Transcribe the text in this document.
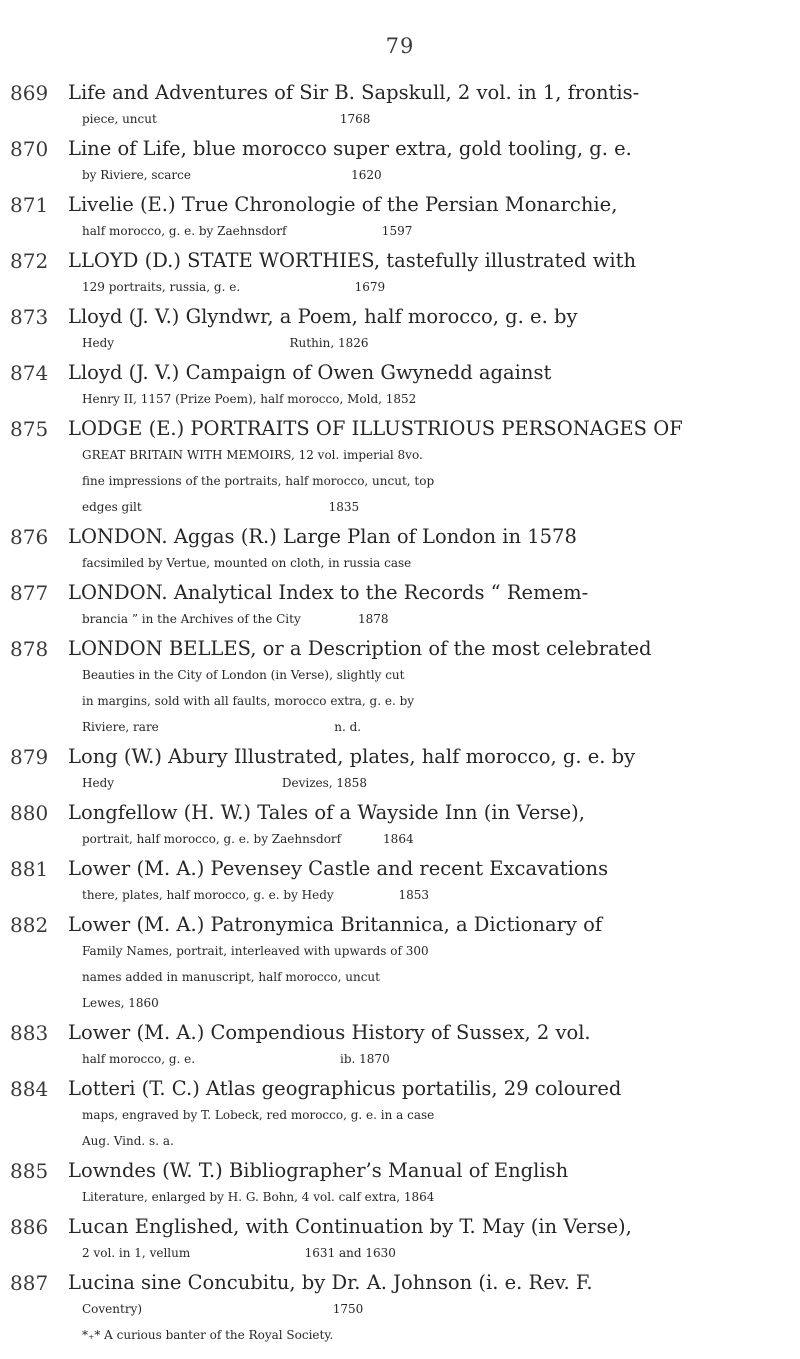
79
869	Life and Adventures of Sir B. Sapskull, 2 vol. in 1, frontis-
piece, uncut                                                1768
870	Line of Life, blue morocco super extra, gold tooling, g. e.
by Riviere, scarce                                          1620
871	Livelie (E.) True Chronologie of the Persian Monarchie,
half morocco, g. e. by Zaehnsdorf                         1597
872	LLOYD (D.) STATE WORTHIES, tastefully illustrated with
129 portraits, russia, g. e.                              1679
873	Lloyd (J. V.) Glyndwr, a Poem, half morocco, g. e. by
Hedy                                              Ruthin, 1826
874	Lloyd (J. V.) Campaign of Owen Gwynedd against
Henry II, 1157 (Prize Poem), half morocco, Mold, 1852
875	LODGE (E.) PORTRAITS OF ILLUSTRIOUS PERSONAGES OF
GREAT BRITAIN WITH MEMOIRS, 12 vol. imperial 8vo.
fine impressions of the portraits, half morocco, uncut, top
edges gilt                                                 1835
876	LONDON. Aggas (R.) Large Plan of London in 1578
facsimiled by Vertue, mounted on cloth, in russia case
877	LONDON. Analytical Index to the Records “ Remem-
brancia ” in the Archives of the City               1878
878	LONDON BELLES, or a Description of the most celebrated
Beauties in the City of London (in Verse), slightly cut
in margins, sold with all faults, morocco extra, g. e. by
Riviere, rare                                              n. d.
879	Long (W.) Abury Illustrated, plates, half morocco, g. e. by
Hedy                                            Devizes, 1858
880	Longfellow (H. W.) Tales of a Wayside Inn (in Verse),
portrait, half morocco, g. e. by Zaehnsdorf           1864
881	Lower (M. A.) Pevensey Castle and recent Excavations
there, plates, half morocco, g. e. by Hedy                 1853
882	Lower (M. A.) Patronymica Britannica, a Dictionary of
Family Names, portrait, interleaved with upwards of 300
names added in manuscript, half morocco, uncut
Lewes, 1860
883	Lower (M. A.) Compendious History of Sussex, 2 vol.
half morocco, g. e.                                      ib. 1870
884	Lotteri (T. C.) Atlas geographicus portatilis, 29 coloured
maps, engraved by T. Lobeck, red morocco, g. e. in a case
Aug. Vind. s. a.
885	Lowndes (W. T.) Bibliographer’s Manual of English
Literature, enlarged by H. G. Bohn, 4 vol. calf extra, 1864
886	Lucan Englished, with Continuation by T. May (in Verse),
2 vol. in 1, vellum                              1631 and 1630
887	Lucina sine Concubitu, by Dr. A. Johnson (i. e. Rev. F.
Coventry)                                                  1750
*₊* A curious banter of the Royal Society.
